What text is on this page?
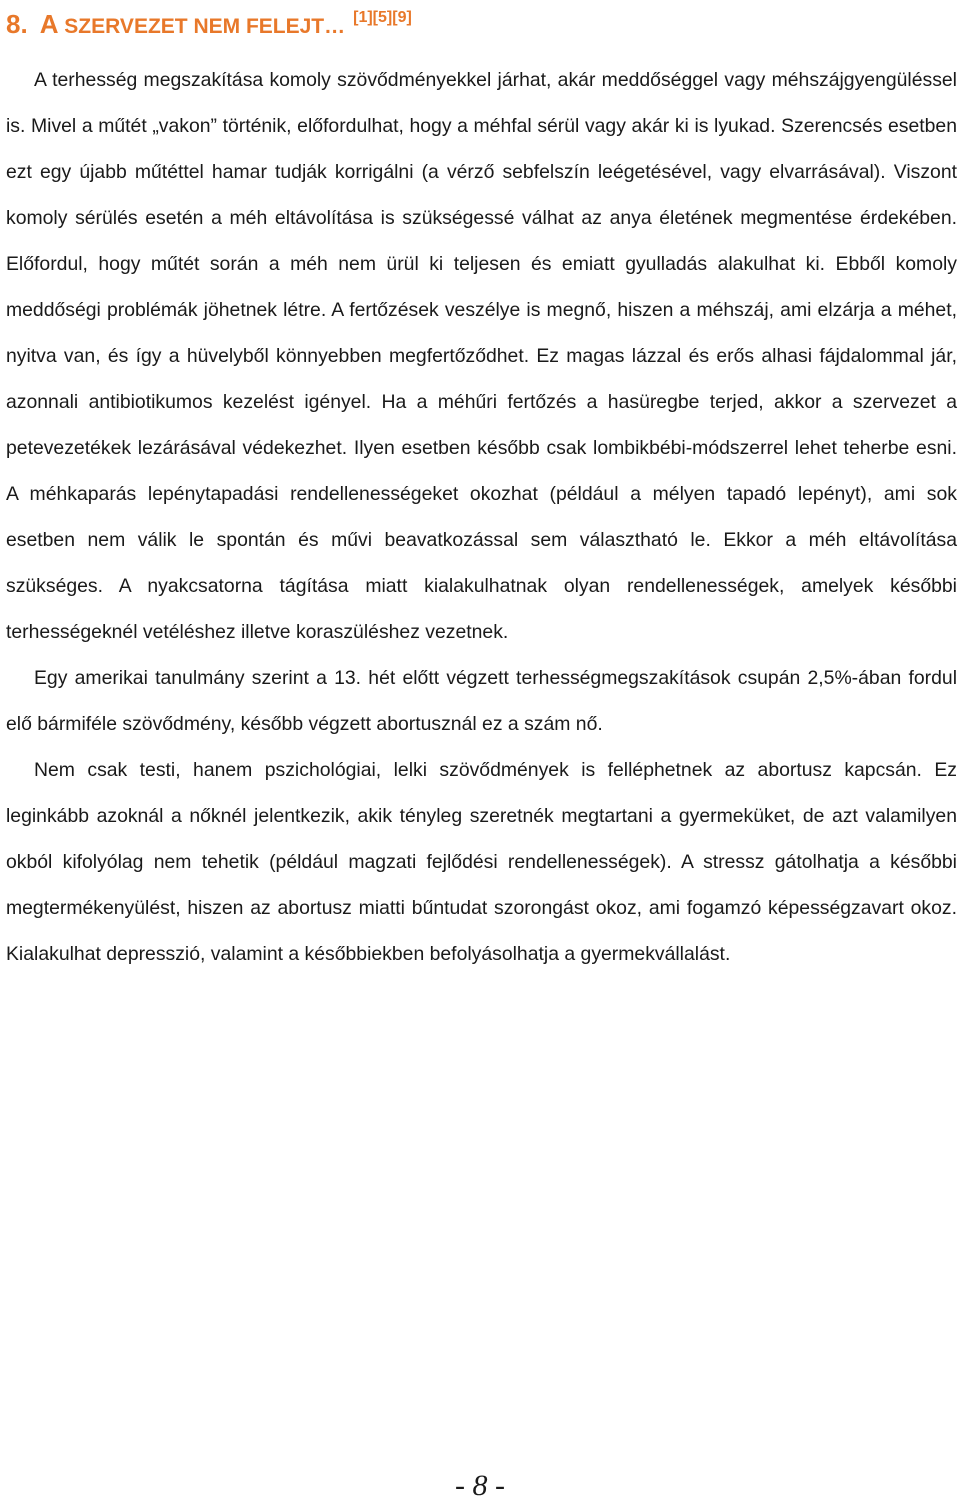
8. A SZERVEZET NEM FELEJT… [1][5][9]

A terhesség megszakítása komoly szövődményekkel járhat, akár meddőséggel vagy méhszájgyengüléssel is. Mivel a műtét „vakon” történik, előfordulhat, hogy a méhfal sérül vagy akár ki is lyukad. Szerencsés esetben ezt egy újabb műtéttel hamar tudják korrigálni (a vérző sebfelszín leégetésével, vagy elvarrásával). Viszont komoly sérülés esetén a méh eltávolítása is szükségessé válhat az anya életének megmentése érdekében. Előfordul, hogy műtét során a méh nem ürül ki teljesen és emiatt gyulladás alakulhat ki. Ebből komoly meddőségi problémák jöhetnek létre. A fertőzések veszélye is megnő, hiszen a méhszáj, ami elzárja a méhet, nyitva van, és így a hüvelyből könnyebben megfertőződhet. Ez magas lázzal és erős alhasi fájdalommal jár, azonnali antibiotikumos kezelést igényel. Ha a méhűri fertőzés a hasüregbe terjed, akkor a szervezet a petevezetékek lezárásával védekezhet. Ilyen esetben később csak lombikbébi-módszerrel lehet teherbe esni. A méhkaparás lepénytapadási rendellenességeket okozhat (például a mélyen tapadó lepényt), ami sok esetben nem válik le spontán és művi beavatkozással sem választható le. Ekkor a méh eltávolítása szükséges. A nyakcsatorna tágítása miatt kialakulhatnak olyan rendellenességek, amelyek későbbi terhességeknél vetéléshez illetve koraszüléshez vezetnek.

Egy amerikai tanulmány szerint a 13. hét előtt végzett terhességmegszakítások csupán 2,5%-ában fordul elő bármiféle szövődmény, később végzett abortusznál ez a szám nő.

Nem csak testi, hanem pszichológiai, lelki szövődmények is felléphetnek az abortusz kapcsán. Ez leginkább azoknál a nőknél jelentkezik, akik tényleg szeretnék megtartani a gyermeküket, de azt valamilyen okból kifolyólag nem tehetik (például magzati fejlődési rendellenességek). A stressz gátolhatja a későbbi megtermékenyülést, hiszen az abortusz miatti bűntudat szorongást okoz, ami fogamzó képességzavart okoz. Kialakulhat depresszió, valamint a későbbiekben befolyásolhatja a gyermekvállalást.

- 8 -
